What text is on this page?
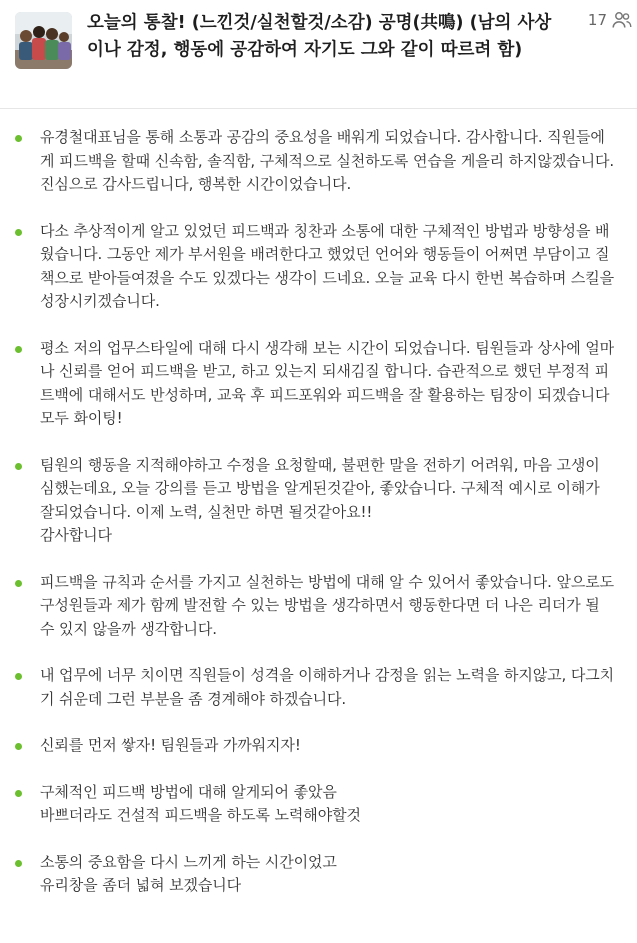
오늘의 통찰! (느낀것/실천할것/소감) 공명(共鳴) (남의 사상이나 감정, 행동에 공감하여 자기도 그와 같이 따르려 함)
17
유경철대표님을 통해 소통과 공감의 중요성을 배워게 되었습니다. 감사합니다. 직원들에게 피드백을 할때 신속함, 솔직함, 구체적으로 실천하도록 연습을 게을리 하지않겠습니다.
진심으로 감사드립니다, 행복한 시간이었습니다.
다소 추상적이게 알고 있었던 피드백과 칭찬과 소통에 대한 구체적인 방법과 방향성을 배웠습니다. 그동안 제가 부서원을 배려한다고 했었던 언어와 행동들이 어쩌면 부담이고 질책으로 받아들여졌을 수도 있겠다는 생각이 드네요. 오늘 교육 다시 한번 복습하며 스킬을 성장시키겠습니다.
평소 저의 업무스타일에 대해 다시 생각해 보는 시간이 되었습니다. 팀원들과 상사에 얼마나 신뢰를 얻어 피드백을 받고, 하고 있는지 되새김질 합니다. 습관적으로 했던 부정적 피트백에 대해서도 반성하며, 교육 후 피드포워와 피드백을 잘 활용하는 팀장이 되겠습니다 모두 화이팅!
팀원의 행동을 지적해야하고 수정을 요청할때, 불편한 말을 전하기 어려워, 마음 고생이 심했는데요, 오늘 강의를 듣고 방법을 알게된것같아, 좋았습니다. 구체적 예시로 이해가 잘되었습니다. 이제 노력, 실천만 하면 될것같아요!!
감사합니다
피드백을 규칙과 순서를 가지고 실천하는 방법에 대해 알 수 있어서 좋았습니다. 앞으로도 구성원들과 제가 함께 발전할 수 있는 방법을 생각하면서 행동한다면 더 나은 리더가 될 수 있지 않을까 생각합니다.
내 업무에 너무 치이면 직원들이 성격을 이해하거나 감정을 읽는 노력을 하지않고, 다그치기 쉬운데 그런 부분을 좀 경계해야 하겠습니다.
신뢰를 먼저 쌓자! 팀원들과 가까워지자!
구체적인 피드백 방법에 대해 알게되어 좋았음
바쁘더라도 건설적 피드백을 하도록 노력해야할것
소통의 중요함을 다시 느끼게 하는 시간이었고
유리창을 좀더 넓혀 보겠습니다
